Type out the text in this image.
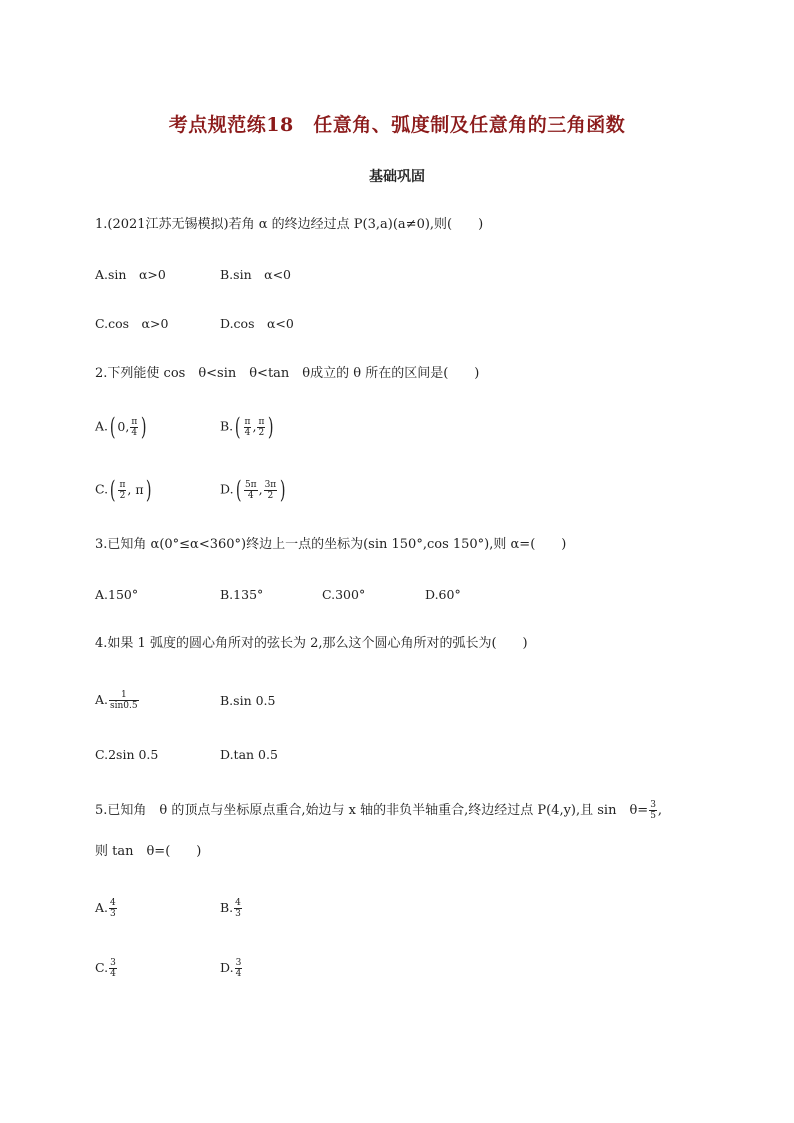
考点规范练18　任意角、弧度制及任意角的三角函数
基础巩固
1.(2021江苏无锡模拟)若角 α 的终边经过点 P(3,a)(a≠0),则(　　)
A.sin　α>0	B.sin　α<0
C.cos　α>0	D.cos　α<0
2.下列能使 cos　θ<sin　θ<tan　θ成立的 θ 所在的区间是(　　)
A.( 0, $\frac{\pi}{4}$ )	$B.( \frac{\pi}{4}$ , $\frac{\pi}{2}$ )
$C.( \frac{\pi}{2}$ , π)	$D.( \frac{5\pi}{4}$ , $\frac{3\pi}{2}$ )
3.已知角 α(0°≤α<360°)终边上一点的坐标为(sin 150°,cos 150°),则 α=(　　)
A.150°	B.135°	C.300°	D.60°
4.如果 1 弧度的圆心角所对的弦长为 2,那么这个圆心角所对的弧长为(　　)
A. $\frac{1}{\sin 0.5}$	B.sin 0.5
C.2sin 0.5	D.tan 0.5
5.已知角　θ 的顶点与坐标原点重合,始边与 x 轴的非负半轴重合,终边经过点 P(4,y),且 sin　$\theta= \frac{3}{5}$ ,
则 tan　θ=(　　)
A. $\frac{4}{3}$	B. $\frac{4}{3}$
C. $\frac{3}{4}$	D. $\frac{3}{4}$
